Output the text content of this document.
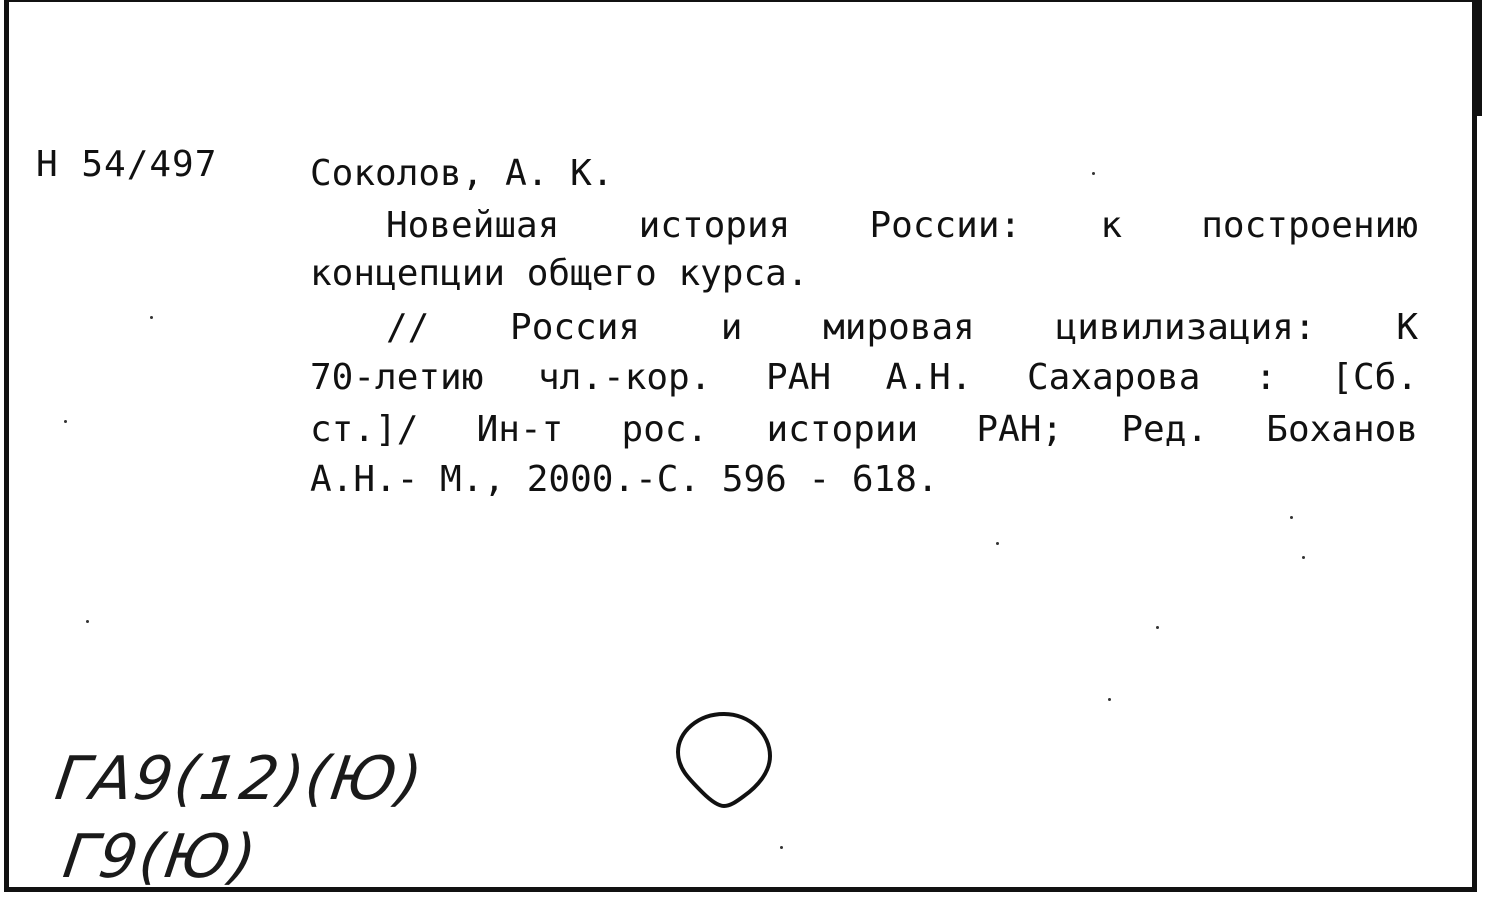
Н 54/497	Соколов, А. К.
Новейшая история России: к построению
концепции общего курса.
// Россия и мировая цивилизация: К
70-летию чл.-кор. РАН А.Н. Сахарова : [Сб.
ст.]/ Ин-т рос. истории РАН; Ред. Боханов
А.Н.- М., 2000.-С. 596 - 618.
ГА9(12)(Ю)
Г9(Ю)
